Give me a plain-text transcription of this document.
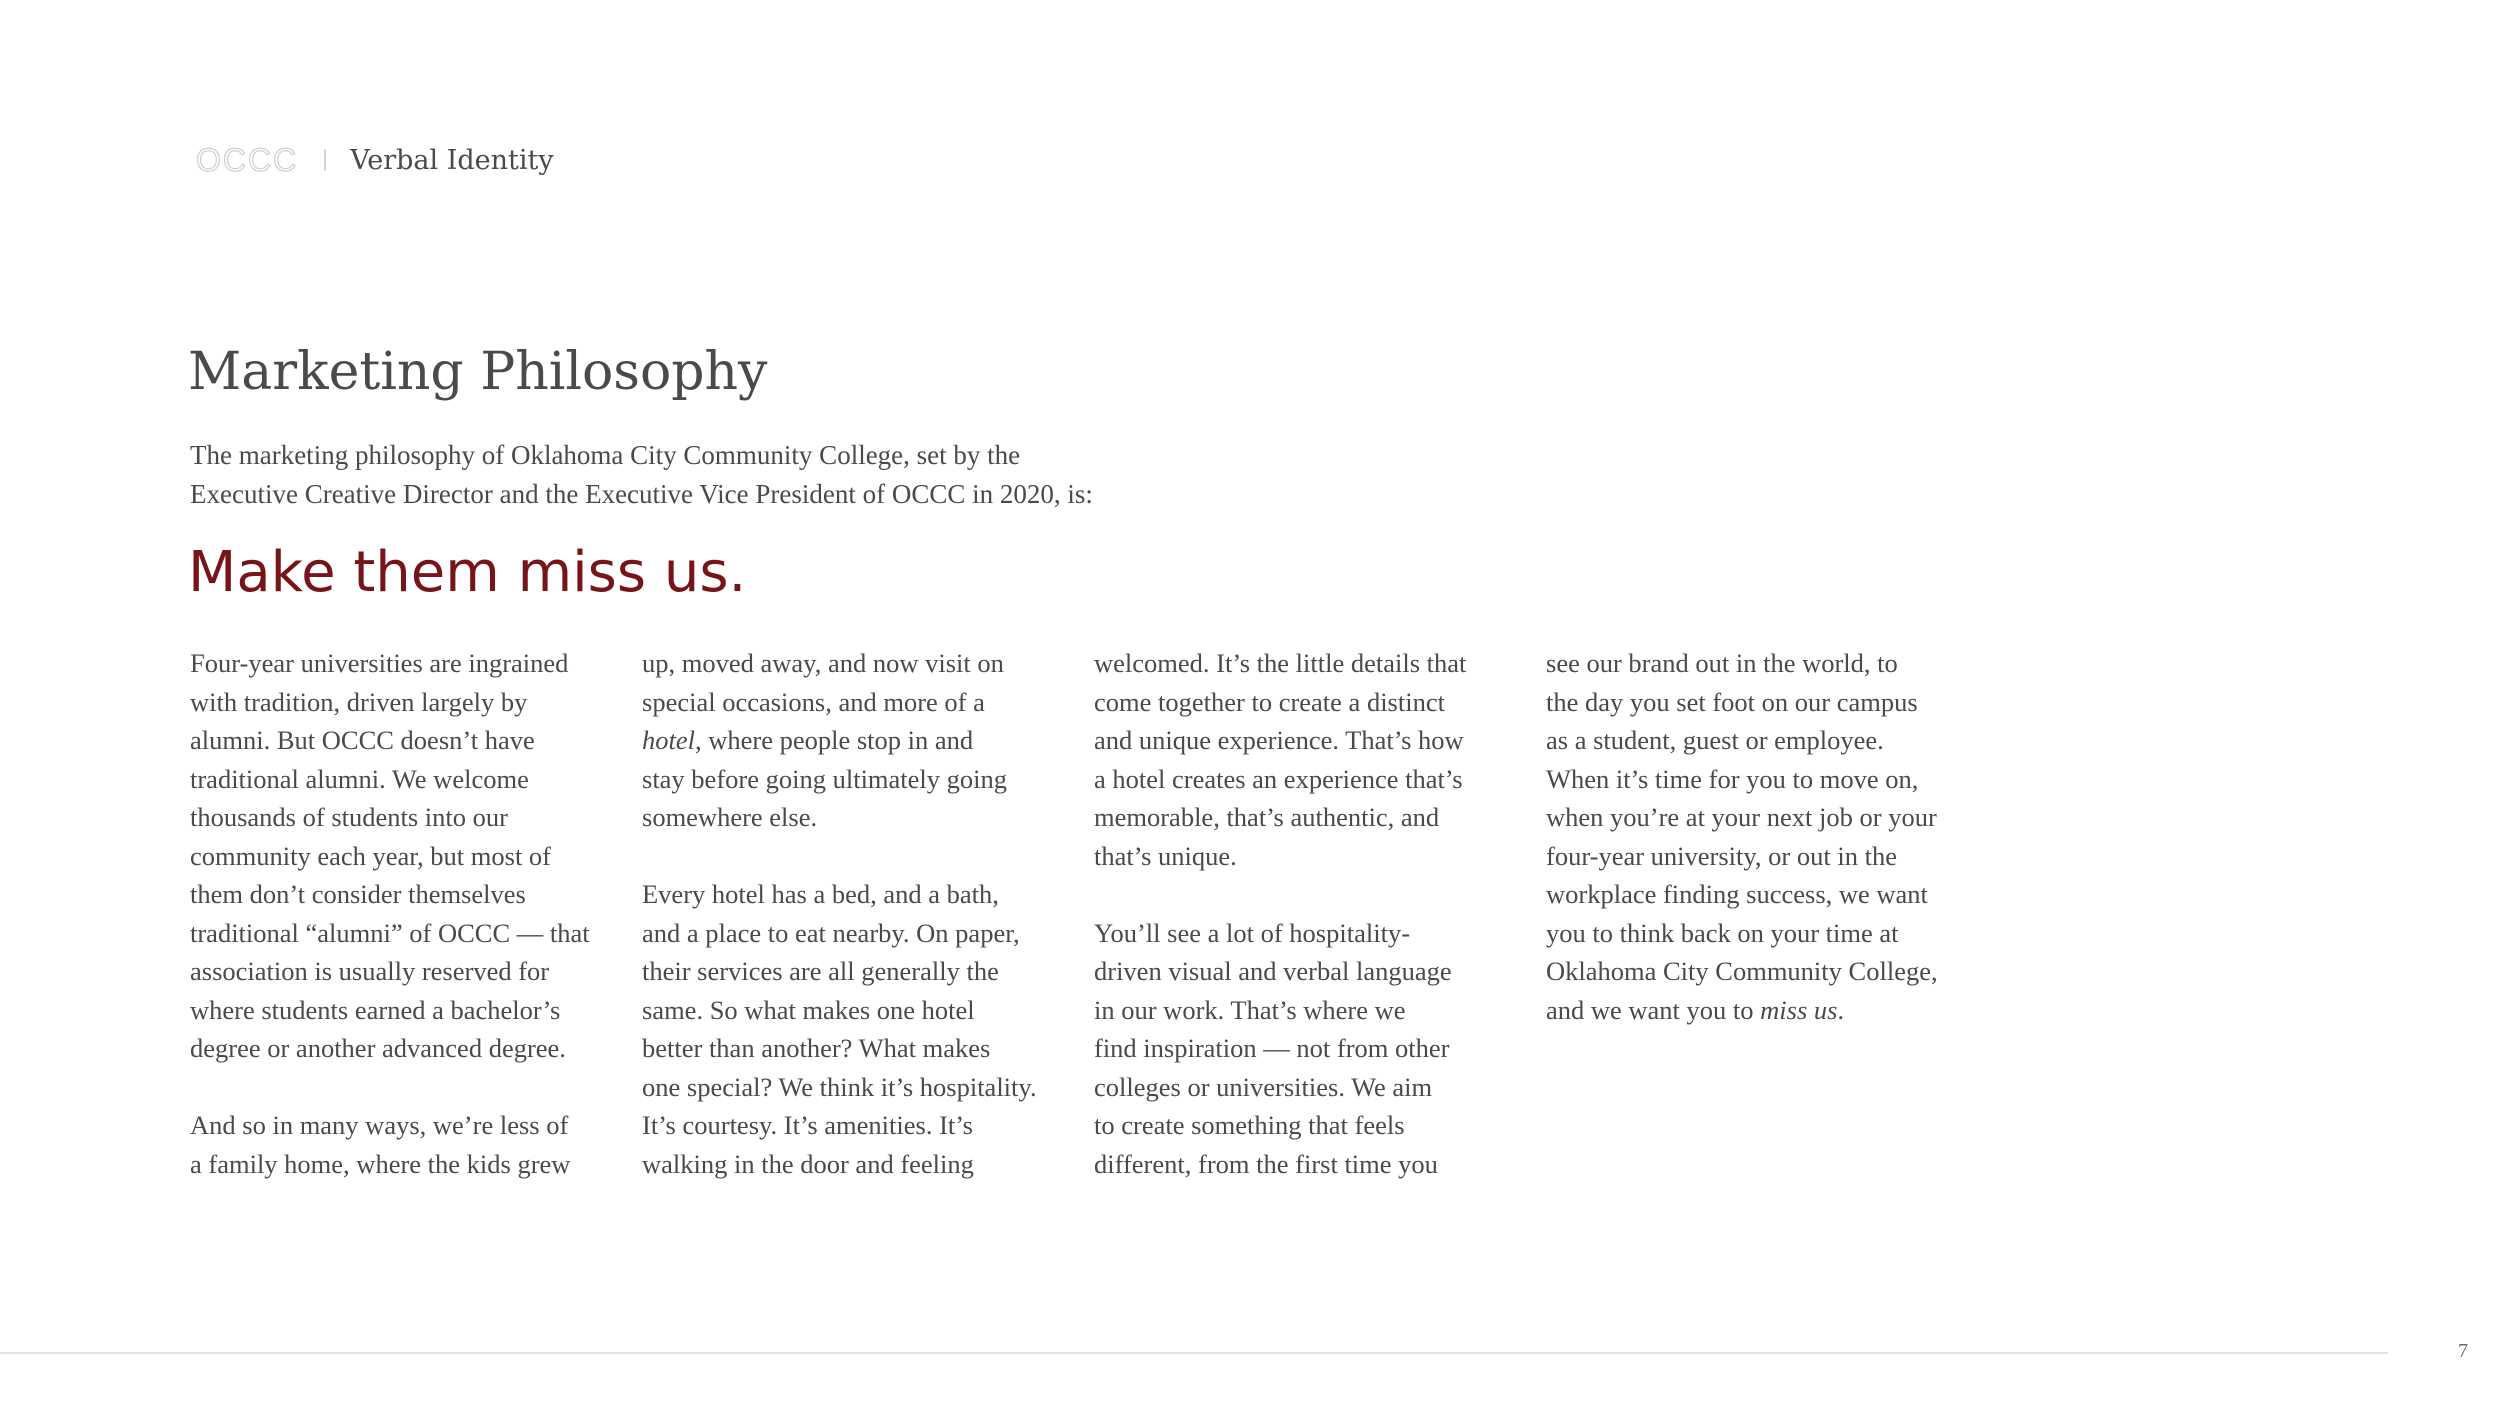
OCCC Verbal Identity
Marketing Philosophy
The marketing philosophy of Oklahoma City Community College, set by the
Executive Creative Director and the Executive Vice President of OCCC in 2020, is:
Make them miss us.
Four-year universities are ingrained
with tradition, driven largely by
alumni. But OCCC doesn’t have
traditional alumni. We welcome
thousands of students into our
community each year, but most of
them don’t consider themselves
traditional “alumni” of OCCC — that
association is usually reserved for
where students earned a bachelor’s
degree or another advanced degree.
And so in many ways, we’re less of
a family home, where the kids grew
up, moved away, and now visit on
special occasions, and more of a
hotel, where people stop in and
stay before going ultimately going
somewhere else.
Every hotel has a bed, and a bath,
and a place to eat nearby. On paper,
their services are all generally the
same. So what makes one hotel
better than another? What makes
one special? We think it’s hospitality.
It’s courtesy. It’s amenities. It’s
walking in the door and feeling
welcomed. It’s the little details that
come together to create a distinct
and unique experience. That’s how
a hotel creates an experience that’s
memorable, that’s authentic, and
that’s unique.
You’ll see a lot of hospitality-
driven visual and verbal language
in our work. That’s where we
find inspiration — not from other
colleges or universities. We aim
to create something that feels
different, from the first time you
see our brand out in the world, to
the day you set foot on our campus
as a student, guest or employee.
When it’s time for you to move on,
when you’re at your next job or your
four-year university, or out in the
workplace finding success, we want
you to think back on your time at
Oklahoma City Community College,
and we want you to miss us.
7
